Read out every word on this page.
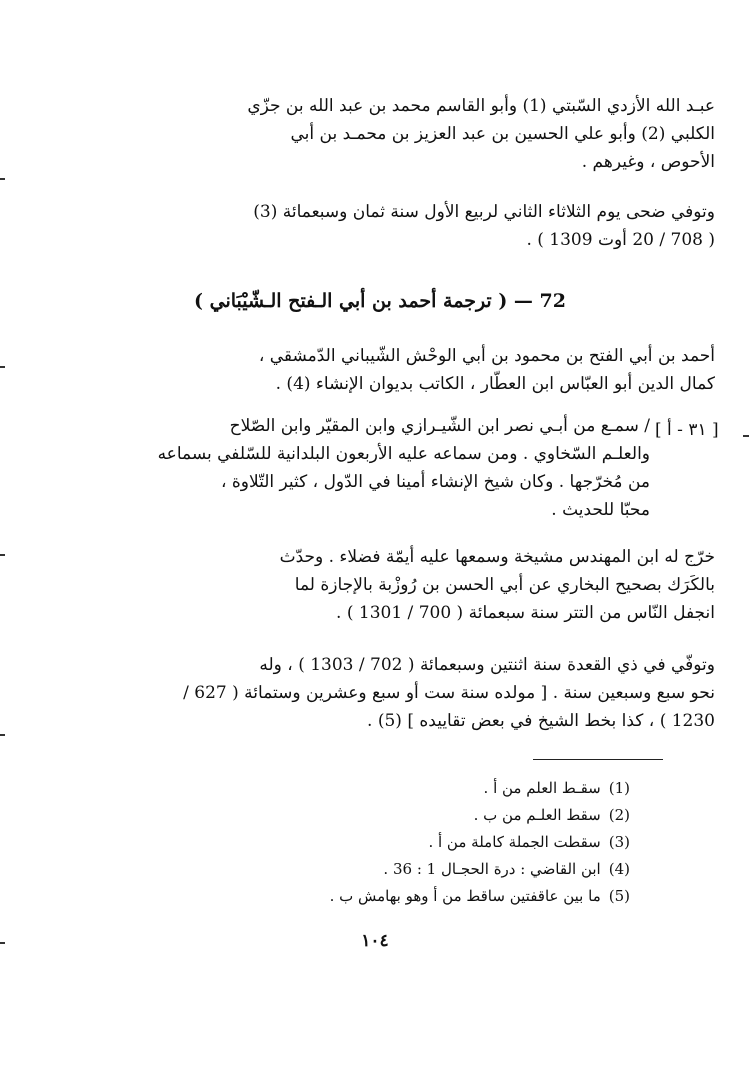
عبـد الله الأزدي السّبتي (1) وأبو القاسم محمد بن عبد الله بن جزّي
الكلبي (2) وأبو علي الحسين بن عبد العزيز بن محمـد بن أبي
الأحوص ، وغيرهم .
وتوفي ضحى يوم الثلاثاء الثاني لربيع الأول سنة ثمان وسبعمائة (3)
( 708 / 20 أوت 1309 ) .
72 — ( ترجمة أحمد بن أبي الـفتح الـشّيْبَاني )
أحمد بن أبي الفتح بن محمود بن أبي الوحْش الشّيباني الدّمشقي ،
كمال الدين أبو العبّاس ابن العطّار ، الكاتب بديوان الإنشاء (4) .
[ ٣١ - أ ]
/ سمـع من أبـي نصر ابن الشّيـرازي وابن المقيّر وابن الصّلاح
والعلـم السّخاوي . ومن سماعه عليه الأربعون البلدانية للسّلفي بسماعه
من مُخرّجها . وكان شيخ الإنشاء أمينا في الدّول ، كثير التّلاوة ،
محبّا للحديث .
خرّج له ابن المهندس مشيخة وسمعها عليه أيمّة فضلاء . وحدّث
بالكَرَك بصحيح البخاري عن أبي الحسن بن رُوزْبة بالإجازة لما
انجفل النّاس من التتر سنة سبعمائة ( 700 / 1301 ) .
وتوفّي في ذي القعدة سنة اثنتين وسبعمائة ( 702 / 1303 ) ، وله
نحو سبع وسبعين سنة . [ مولده سنة ست أو سبع وعشرين وستمائة ( 627 /
1230 ) ، كذا بخط الشيخ في بعض تقاييده ] (5) .
(1)سقـط العلم من أ .
(2)سقط العلـم من ب .
(3)سقطت الجملة كاملة من أ .
(4)ابن القاضي : درة الحجـال 1 : 36 .
(5)ما بين عاقفتين ساقط من أ وهو بهامش ب .
١٠٤
